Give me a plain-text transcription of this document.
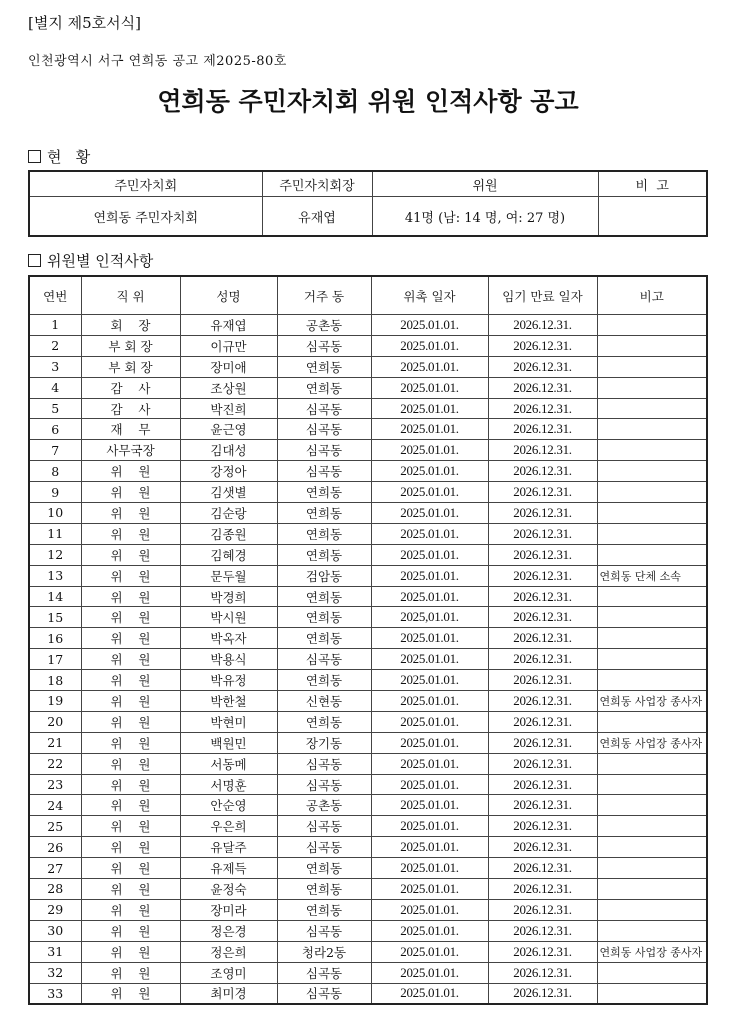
[별지 제5호서식]
인천광역시 서구 연희동 공고 제2025-80호
연희동 주민자치회 위원 인적사항 공고
현   황
주민자치회	주민자치회장	위원	비  고
연희동 주민자치회	유재엽	41명 (남: 14 명, 여: 27 명)	
위원별 인적사항
연번	직 위	성명	거주 동	위촉 일자	임기 만료 일자	비고
1	회    장	유재엽	공촌동	2025.01.01.	2026.12.31.	
2	부 회 장	이규만	심곡동	2025.01.01.	2026.12.31.	
3	부 회 장	장미애	연희동	2025.01.01.	2026.12.31.	
4	감    사	조상원	연희동	2025.01.01.	2026.12.31.	
5	감    사	박진희	심곡동	2025.01.01.	2026.12.31.	
6	재    무	윤근영	심곡동	2025.01.01.	2026.12.31.	
7	사무국장	김대성	심곡동	2025.01.01.	2026.12.31.	
8	위    원	강정아	심곡동	2025.01.01.	2026.12.31.	
9	위    원	김샛별	연희동	2025.01.01.	2026.12.31.	
10	위    원	김순랑	연희동	2025.01.01.	2026.12.31.	
11	위    원	김종원	연희동	2025.01.01.	2026.12.31.	
12	위    원	김혜경	연희동	2025.01.01.	2026.12.31.	
13	위    원	문두월	검암동	2025.01.01.	2026.12.31.	연희동 단체 소속
14	위    원	박경희	연희동	2025.01.01.	2026.12.31.	
15	위    원	박시원	연희동	2025,01.01.	2026.12.31.	
16	위    원	박옥자	연희동	2025.01.01.	2026.12.31.	
17	위    원	박용식	심곡동	2025.01.01.	2026.12.31.	
18	위    원	박유정	연희동	2025.01.01.	2026.12.31.	
19	위    원	박한철	신현동	2025.01.01.	2026.12.31.	연희동 사업장 종사자
20	위    원	박현미	연희동	2025.01.01.	2026.12.31.	
21	위    원	백원민	장기동	2025.01.01.	2026.12.31.	연희동 사업장 종사자
22	위    원	서동메	심곡동	2025.01.01.	2026.12.31.	
23	위    원	서명훈	심곡동	2025.01.01.	2026.12.31.	
24	위    원	안순영	공촌동	2025.01.01.	2026.12.31.	
25	위    원	우은희	심곡동	2025.01.01.	2026.12.31.	
26	위    원	유달주	심곡동	2025.01.01.	2026.12.31.	
27	위    원	유제득	연희동	2025.01.01.	2026.12.31.	
28	위    원	윤정숙	연희동	2025.01.01.	2026.12.31.	
29	위    원	장미라	연희동	2025.01.01.	2026.12.31.	
30	위    원	정은경	심곡동	2025.01.01.	2026.12.31.	
31	위    원	정은희	청라2동	2025.01.01.	2026.12.31.	연희동 사업장 종사자
32	위    원	조영미	심곡동	2025.01.01.	2026.12.31.	
33	위    원	최미경	심곡동	2025.01.01.	2026.12.31.	
